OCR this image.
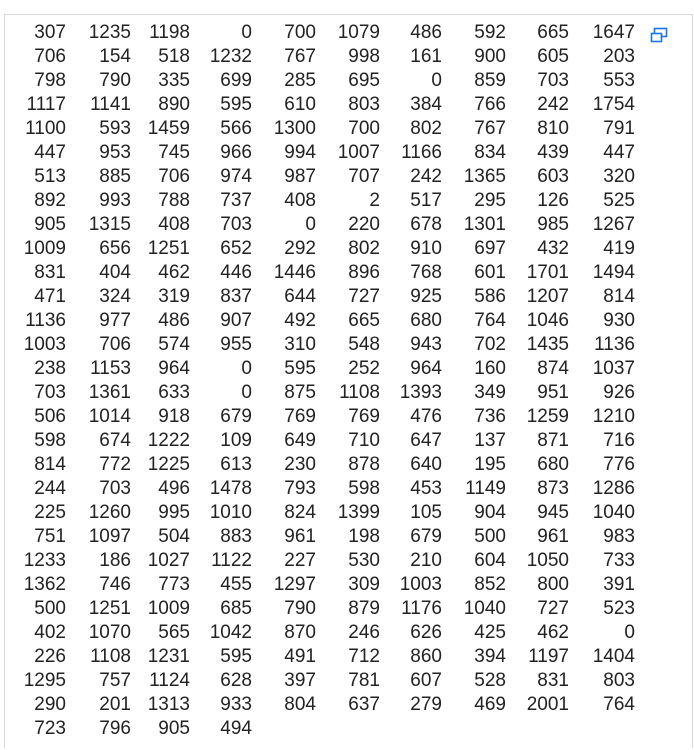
307	1235	1198	0	700	1079	486	592	665	1647
706	154	518	1232	767	998	161	900	605	203
798	790	335	699	285	695	0	859	703	553
1117	1141	890	595	610	803	384	766	242	1754
1100	593	1459	566	1300	700	802	767	810	791
447	953	745	966	994	1007	1166	834	439	447
513	885	706	974	987	707	242	1365	603	320
892	993	788	737	408	2	517	295	126	525
905	1315	408	703	0	220	678	1301	985	1267
1009	656	1251	652	292	802	910	697	432	419
831	404	462	446	1446	896	768	601	1701	1494
471	324	319	837	644	727	925	586	1207	814
1136	977	486	907	492	665	680	764	1046	930
1003	706	574	955	310	548	943	702	1435	1136
238	1153	964	0	595	252	964	160	874	1037
703	1361	633	0	875	1108	1393	349	951	926
506	1014	918	679	769	769	476	736	1259	1210
598	674	1222	109	649	710	647	137	871	716
814	772	1225	613	230	878	640	195	680	776
244	703	496	1478	793	598	453	1149	873	1286
225	1260	995	1010	824	1399	105	904	945	1040
751	1097	504	883	961	198	679	500	961	983
1233	186	1027	1122	227	530	210	604	1050	733
1362	746	773	455	1297	309	1003	852	800	391
500	1251	1009	685	790	879	1176	1040	727	523
402	1070	565	1042	870	246	626	425	462	0
226	1108	1231	595	491	712	860	394	1197	1404
1295	757	1124	628	397	781	607	528	831	803
290	201	1313	933	804	637	279	469	2001	764
723	796	905	494						
